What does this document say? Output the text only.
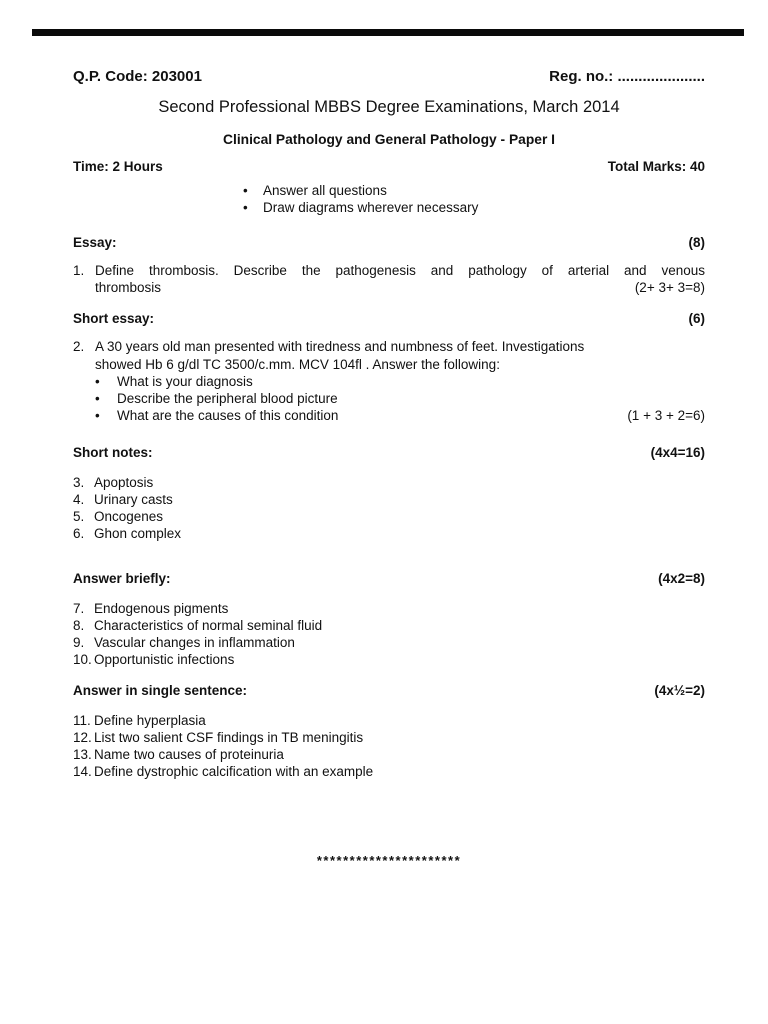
Q.P. Code: 203001	Reg. no.: .....................
Second Professional MBBS Degree Examinations, March 2014
Clinical Pathology and General Pathology - Paper I
Time: 2 Hours	Total Marks: 40
•	Answer all questions
•	Draw diagrams wherever necessary
Essay:	(8)
1. Define thrombosis. Describe the pathogenesis and pathology of arterial and venous
thrombosis	(2+ 3+ 3=8)
Short essay:	(6)
2. A 30 years old man presented with tiredness and numbness of feet. Investigations
showed Hb 6 g/dl TC 3500/c.mm. MCV 104fl . Answer the following:
•	What is your diagnosis
•	Describe the peripheral blood picture
•	What are the causes of this condition	(1 + 3 + 2=6)
Short notes:	(4x4=16)
3. Apoptosis
4. Urinary casts
5. Oncogenes
6. Ghon complex
Answer briefly:	(4x2=8)
7. Endogenous pigments
8. Characteristics of normal seminal fluid
9. Vascular changes in inflammation
10. Opportunistic infections
Answer in single sentence:	(4x½=2)
11. Define hyperplasia
12. List two salient CSF findings in TB meningitis
13. Name two causes of proteinuria
14. Define dystrophic calcification with an example
**********************
